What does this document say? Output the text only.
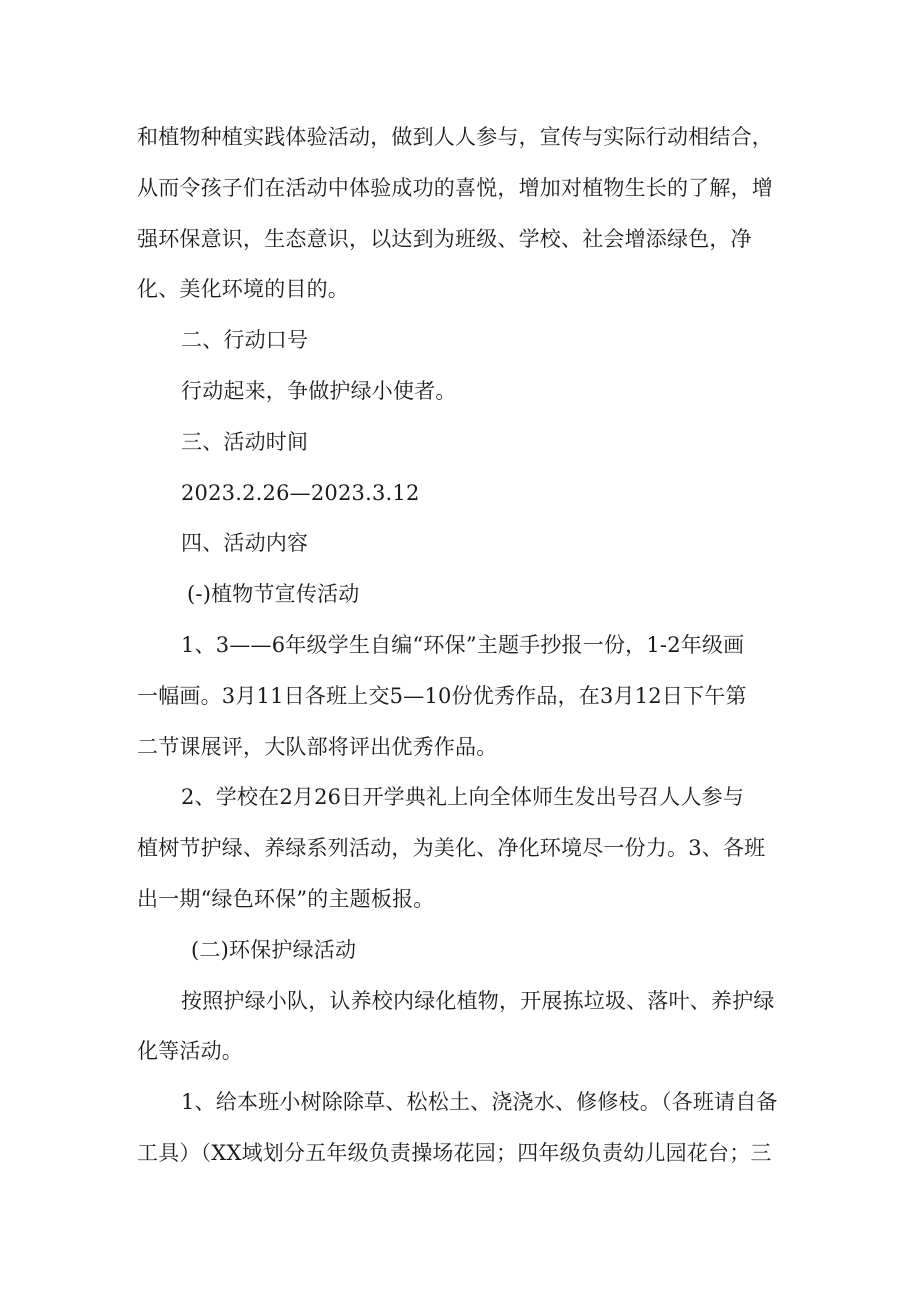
和植物种植实践体验活动，做到人人参与，宣传与实际行动相结合，

从而令孩子们在活动中体验成功的喜悦，增加对植物生长的了解，增

强环保意识，生态意识，以达到为班级、学校、社会增添绿色，净

化、美化环境的目的。

二、行动口号

行动起来，争做护绿小使者。

三、活动时间

2023.2.26—2023.3.12

四、活动内容

(-)植物节宣传活动

1、3——6年级学生自编“环保”主题手抄报一份，1-2年级画

一幅画。3月11日各班上交5—10份优秀作品，在3月12日下午第

二节课展评，大队部将评出优秀作品。

2、学校在2月26日开学典礼上向全体师生发出号召人人参与

植树节护绿、养绿系列活动，为美化、净化环境尽一份力。3、各班

出一期“绿色环保”的主题板报。

(二)环保护绿活动

按照护绿小队，认养校内绿化植物，开展拣垃圾、落叶、养护绿

化等活动。

1、给本班小树除除草、松松土、浇浇水、修修枝。（各班请自备

工具）（XX域划分五年级负责操场花园；四年级负责幼儿园花台；三
